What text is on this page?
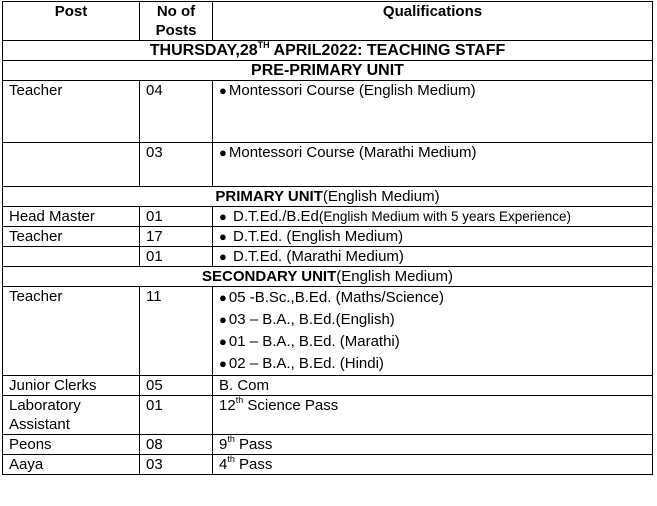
Post	No of Posts	Qualifications
THURSDAY,28TH APRIL2022: TEACHING STAFF		
PRE-PRIMARY UNIT		
Teacher	04	● Montessori Course (English Medium)
	03	● Montessori Course (Marathi Medium)
PRIMARY UNIT(English Medium)		
Head Master	01	● D.T.Ed./B.Ed(English Medium with 5 years Experience)
Teacher	17	● D.T.Ed. (English Medium)
	01	● D.T.Ed. (Marathi Medium)
SECONDARY UNIT(English Medium)		
Teacher	11	● 05 -B.Sc.,B.Ed. (Maths/Science)
● 03 – B.A., B.Ed.(English)
● 01 – B.A., B.Ed. (Marathi)
● 02 – B.A., B.Ed. (Hindi)

Junior Clerks	05	B. Com
Laboratory Assistant	01	12th Science Pass
Peons	08	9th Pass
Aaya	03	4th Pass
